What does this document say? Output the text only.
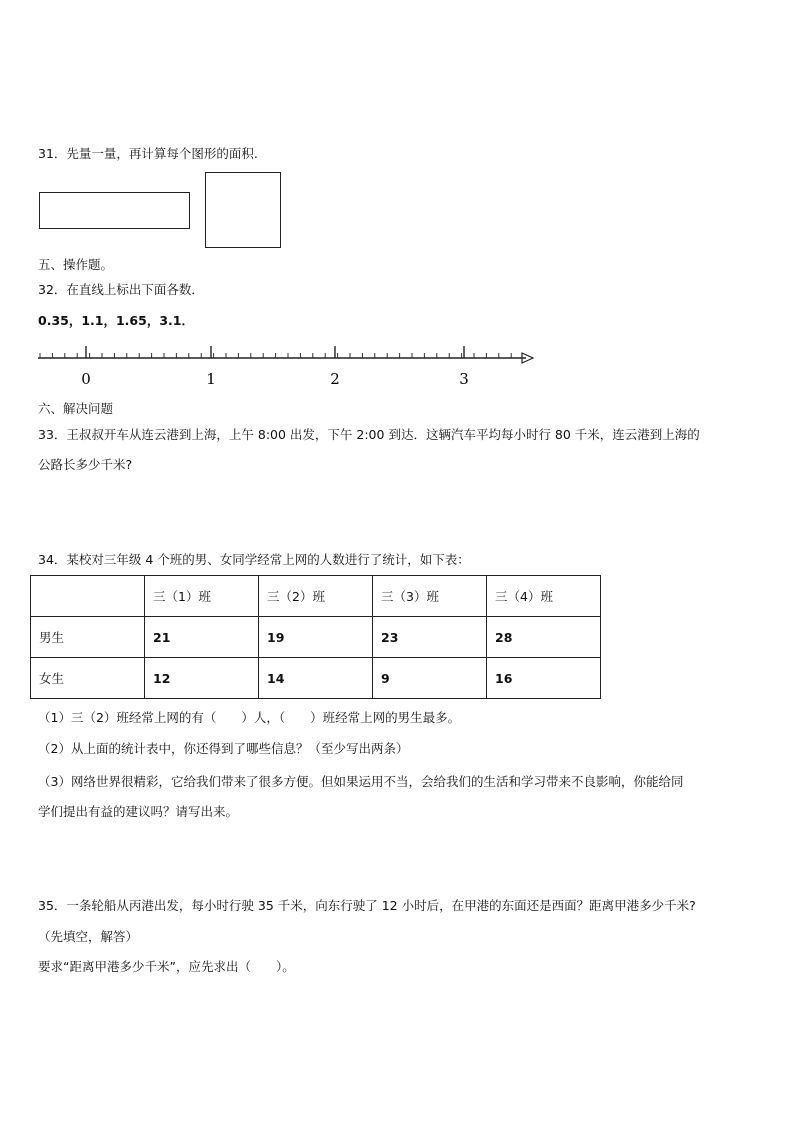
31．先量一量，再计算每个图形的面积.
五、操作题。
32．在直线上标出下面各数．
0.35，1.1，1.65，3.1．
0	1	2	3
六、解决问题
33．王叔叔开车从连云港到上海，上午 8:00 出发，下午 2:00 到达．这辆汽车平均每小时行 80 千米，连云港到上海的
公路长多少千米?
34．某校对三年级 4 个班的男、女同学经常上网的人数进行了统计，如下表：
	三（1）班	三（2）班	三（3）班	三（4）班
男生	21	19	23	28
女生	12	14	9	16
（1）三（2）班经常上网的有（　　）人，（　　）班经常上网的男生最多。
（2）从上面的统计表中，你还得到了哪些信息？（至少写出两条）
（3）网络世界很精彩，它给我们带来了很多方便。但如果运用不当，会给我们的生活和学习带来不良影响，你能给同
学们提出有益的建议吗？请写出来。
35．一条轮船从丙港出发，每小时行驶 35 千米，向东行驶了 12 小时后，在甲港的东面还是西面？距离甲港多少千米?
（先填空，解答）
要求“距离甲港多少千米”，应先求出（　　）。
